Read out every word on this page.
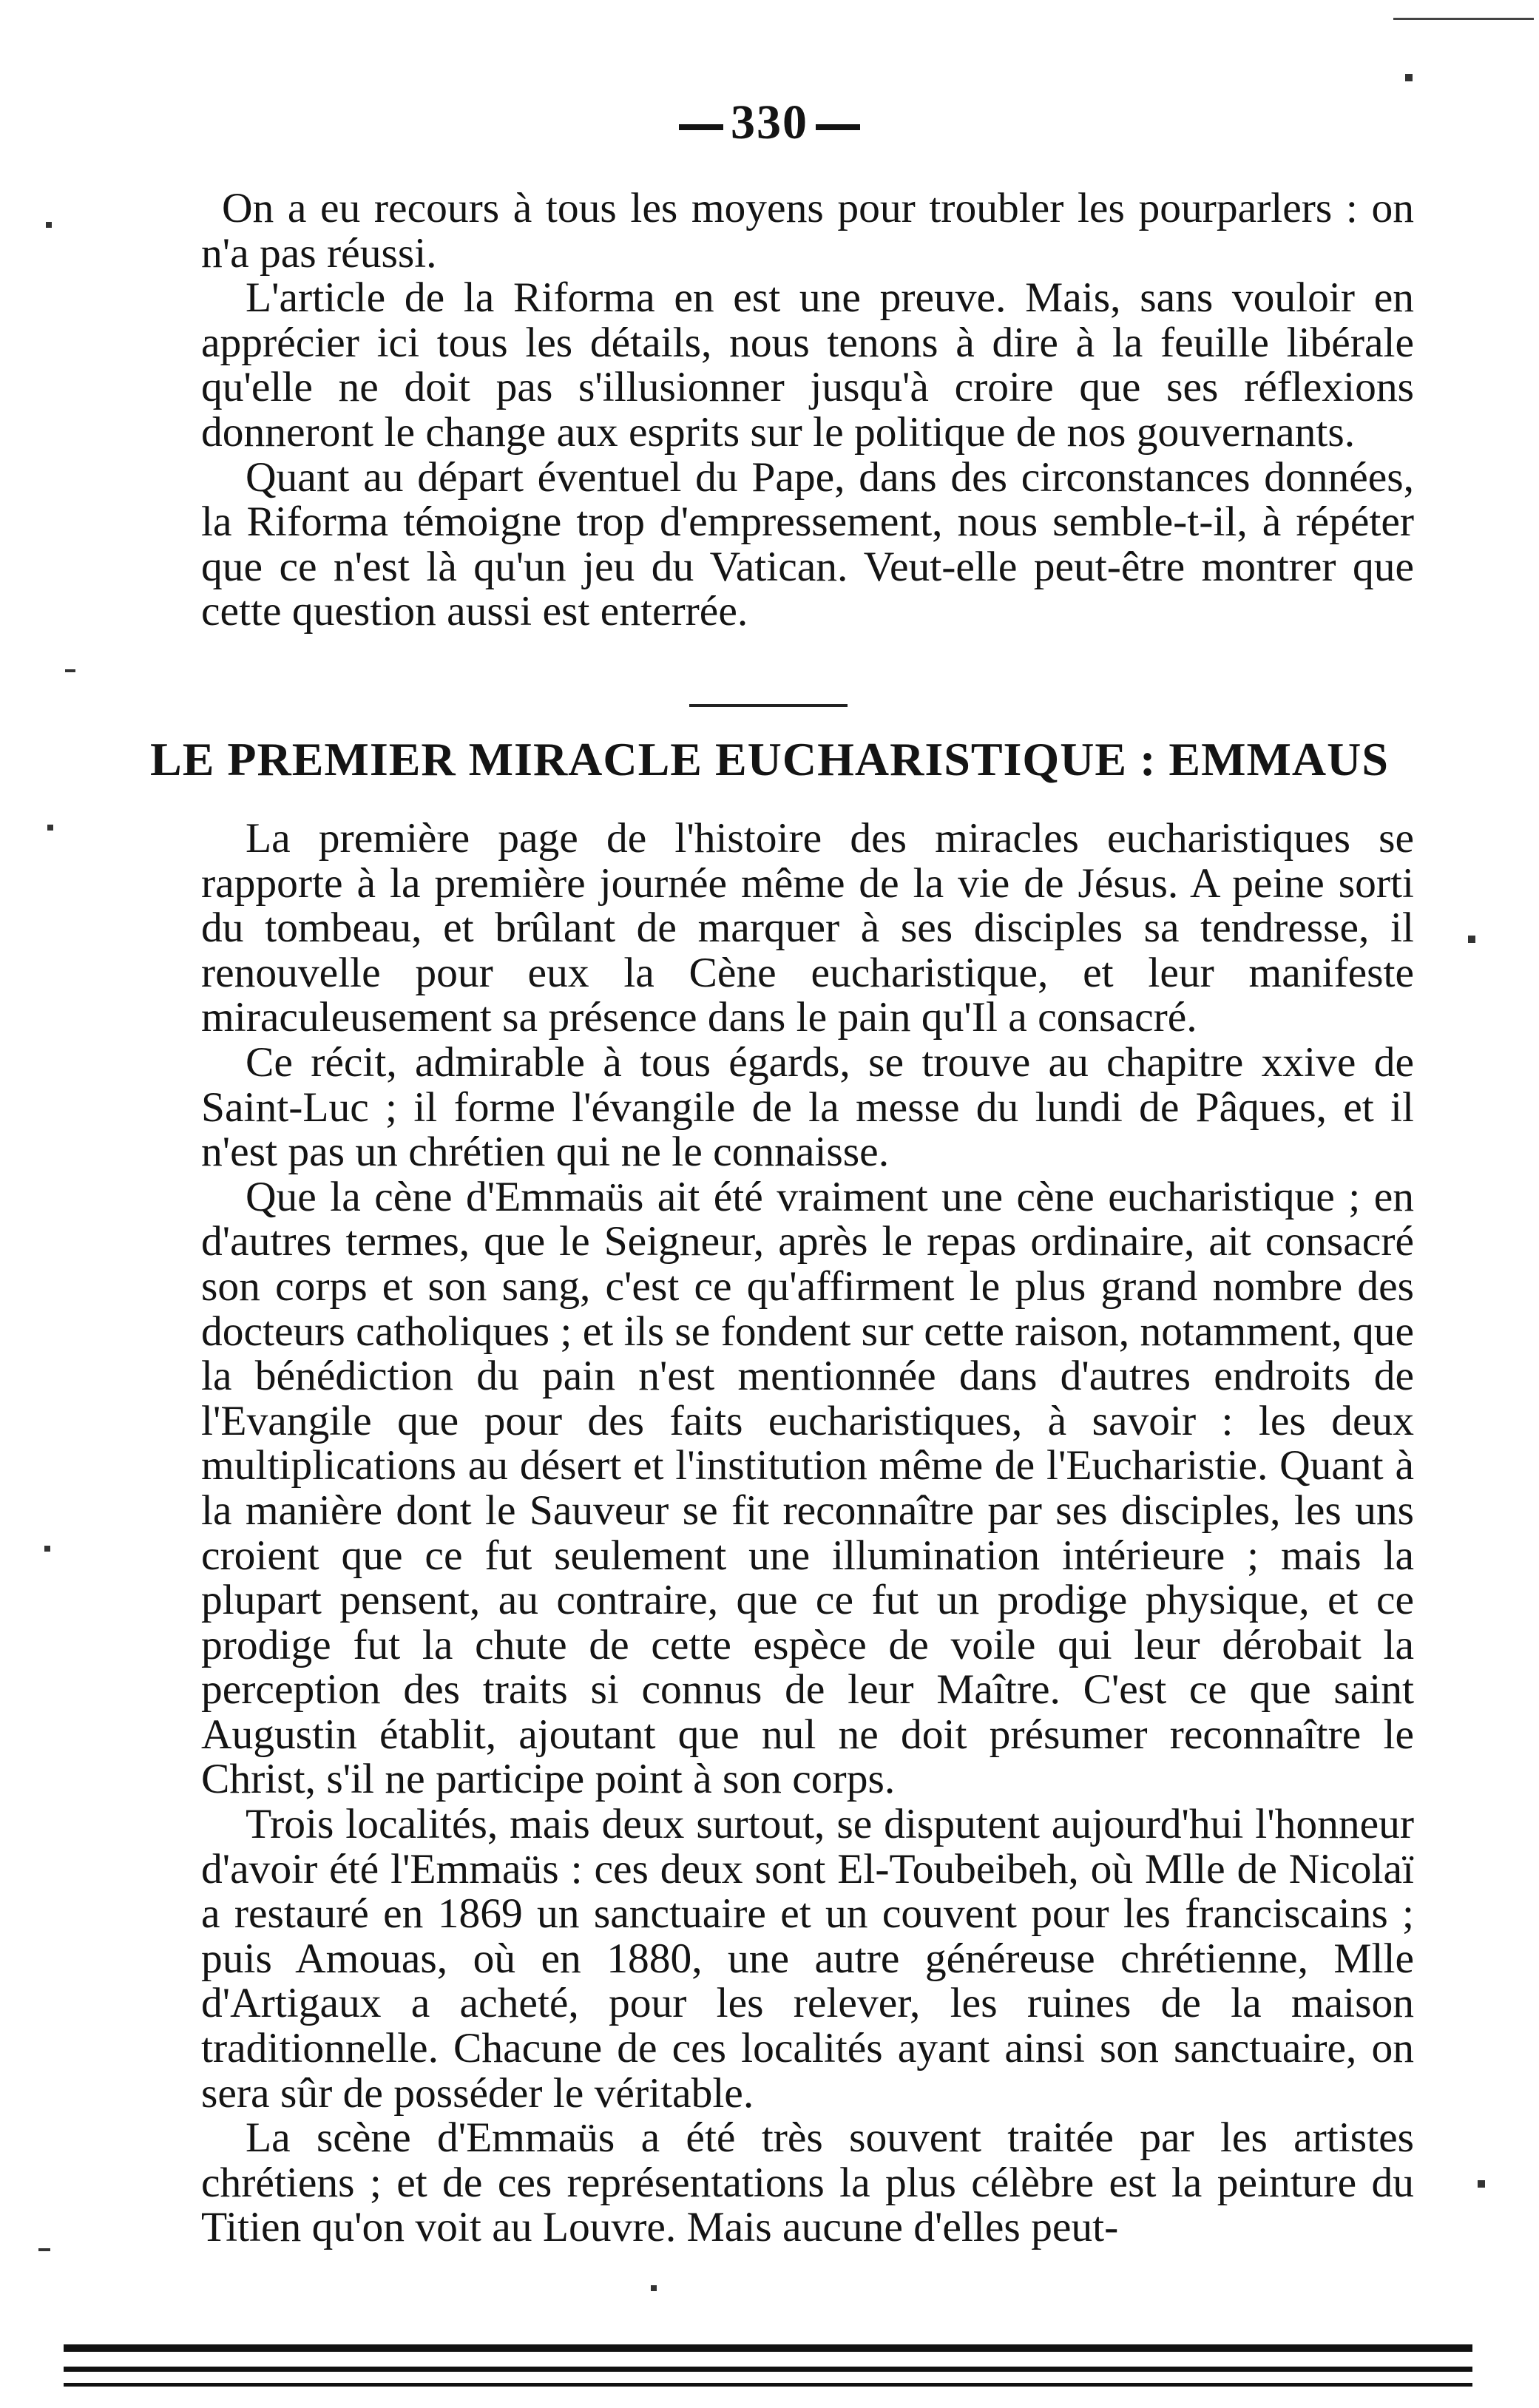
330

On a eu recours à tous les moyens pour troubler les pourparlers : on n'a pas réussi.

L'article de la Riforma en est une preuve. Mais, sans vouloir en apprécier ici tous les détails, nous tenons à dire à la feuille libérale qu'elle ne doit pas s'illusionner jusqu'à croire que ses réflexions donneront le change aux esprits sur le politique de nos gouvernants.

Quant au départ éventuel du Pape, dans des circonstances données, la Riforma témoigne trop d'empressement, nous semble-t-il, à répéter que ce n'est là qu'un jeu du Vatican. Veut-elle peut-être montrer que cette question aussi est enterrée.

LE PREMIER MIRACLE EUCHARISTIQUE : EMMAUS

La première page de l'histoire des miracles eucharistiques se rapporte à la première journée même de la vie de Jésus. A peine sorti du tombeau, et brûlant de marquer à ses disciples sa tendresse, il renouvelle pour eux la Cène eucharistique, et leur manifeste miraculeusement sa présence dans le pain qu'Il a consacré.

Ce récit, admirable à tous égards, se trouve au chapitre xxive de Saint-Luc ; il forme l'évangile de la messe du lundi de Pâques, et il n'est pas un chrétien qui ne le connaisse.

Que la cène d'Emmaüs ait été vraiment une cène eucharistique ; en d'autres termes, que le Seigneur, après le repas ordinaire, ait consacré son corps et son sang, c'est ce qu'affirment le plus grand nombre des docteurs catholiques ; et ils se fondent sur cette raison, notamment, que la bénédiction du pain n'est mentionnée dans d'autres endroits de l'Evangile que pour des faits eucharistiques, à savoir : les deux multiplications au désert et l'institution même de l'Eucharistie. Quant à la manière dont le Sauveur se fit reconnaître par ses disciples, les uns croient que ce fut seulement une illumination intérieure ; mais la plupart pensent, au contraire, que ce fut un prodige physique, et ce prodige fut la chute de cette espèce de voile qui leur dérobait la perception des traits si connus de leur Maître. C'est ce que saint Augustin établit, ajoutant que nul ne doit présumer reconnaître le Christ, s'il ne participe point à son corps.

Trois localités, mais deux surtout, se disputent aujourd'hui l'honneur d'avoir été l'Emmaüs : ces deux sont El-Toubeibeh, où Mlle de Nicolaï a restauré en 1869 un sanctuaire et un couvent pour les franciscains ; puis Amouas, où en 1880, une autre généreuse chrétienne, Mlle d'Artigaux a acheté, pour les relever, les ruines de la maison traditionnelle. Chacune de ces localités ayant ainsi son sanctuaire, on sera sûr de posséder le véritable.

La scène d'Emmaüs a été très souvent traitée par les artistes chrétiens ; et de ces représentations la plus célèbre est la peinture du Titien qu'on voit au Louvre. Mais aucune d'elles peut-
